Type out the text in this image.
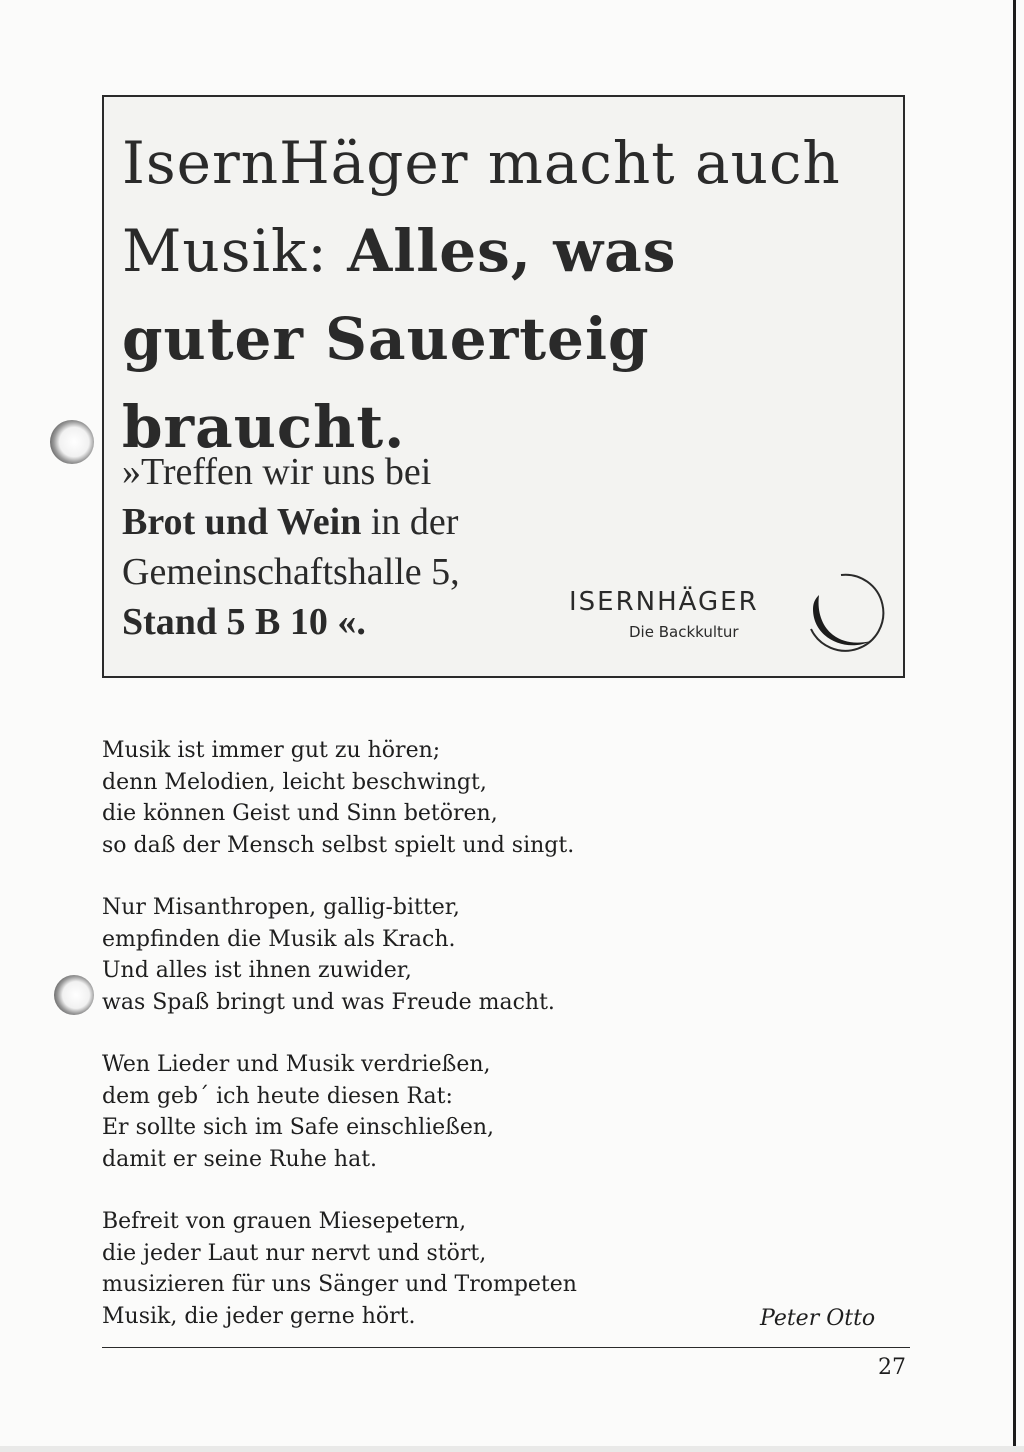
IsernHäger macht auch
Musik: Alles, was
guter Sauerteig braucht.
»Treffen wir uns bei
Brot und Wein in der
Gemeinschaftshalle 5,
Stand 5 B 10 «.	ISERNHÄGER
Die Backkultur
Musik ist immer gut zu hören;
denn Melodien, leicht beschwingt,
die können Geist und Sinn betören,
so daß der Mensch selbst spielt und singt.
Nur Misanthropen, gallig-bitter,
empfinden die Musik als Krach.
Und alles ist ihnen zuwider,
was Spaß bringt und was Freude macht.
Wen Lieder und Musik verdrießen,
dem geb´ ich heute diesen Rat:
Er sollte sich im Safe einschließen,
damit er seine Ruhe hat.
Befreit von grauen Miesepetern,
die jeder Laut nur nervt und stört,
musizieren für uns Sänger und Trompeten
Musik, die jeder gerne hört.	Peter Otto
27
